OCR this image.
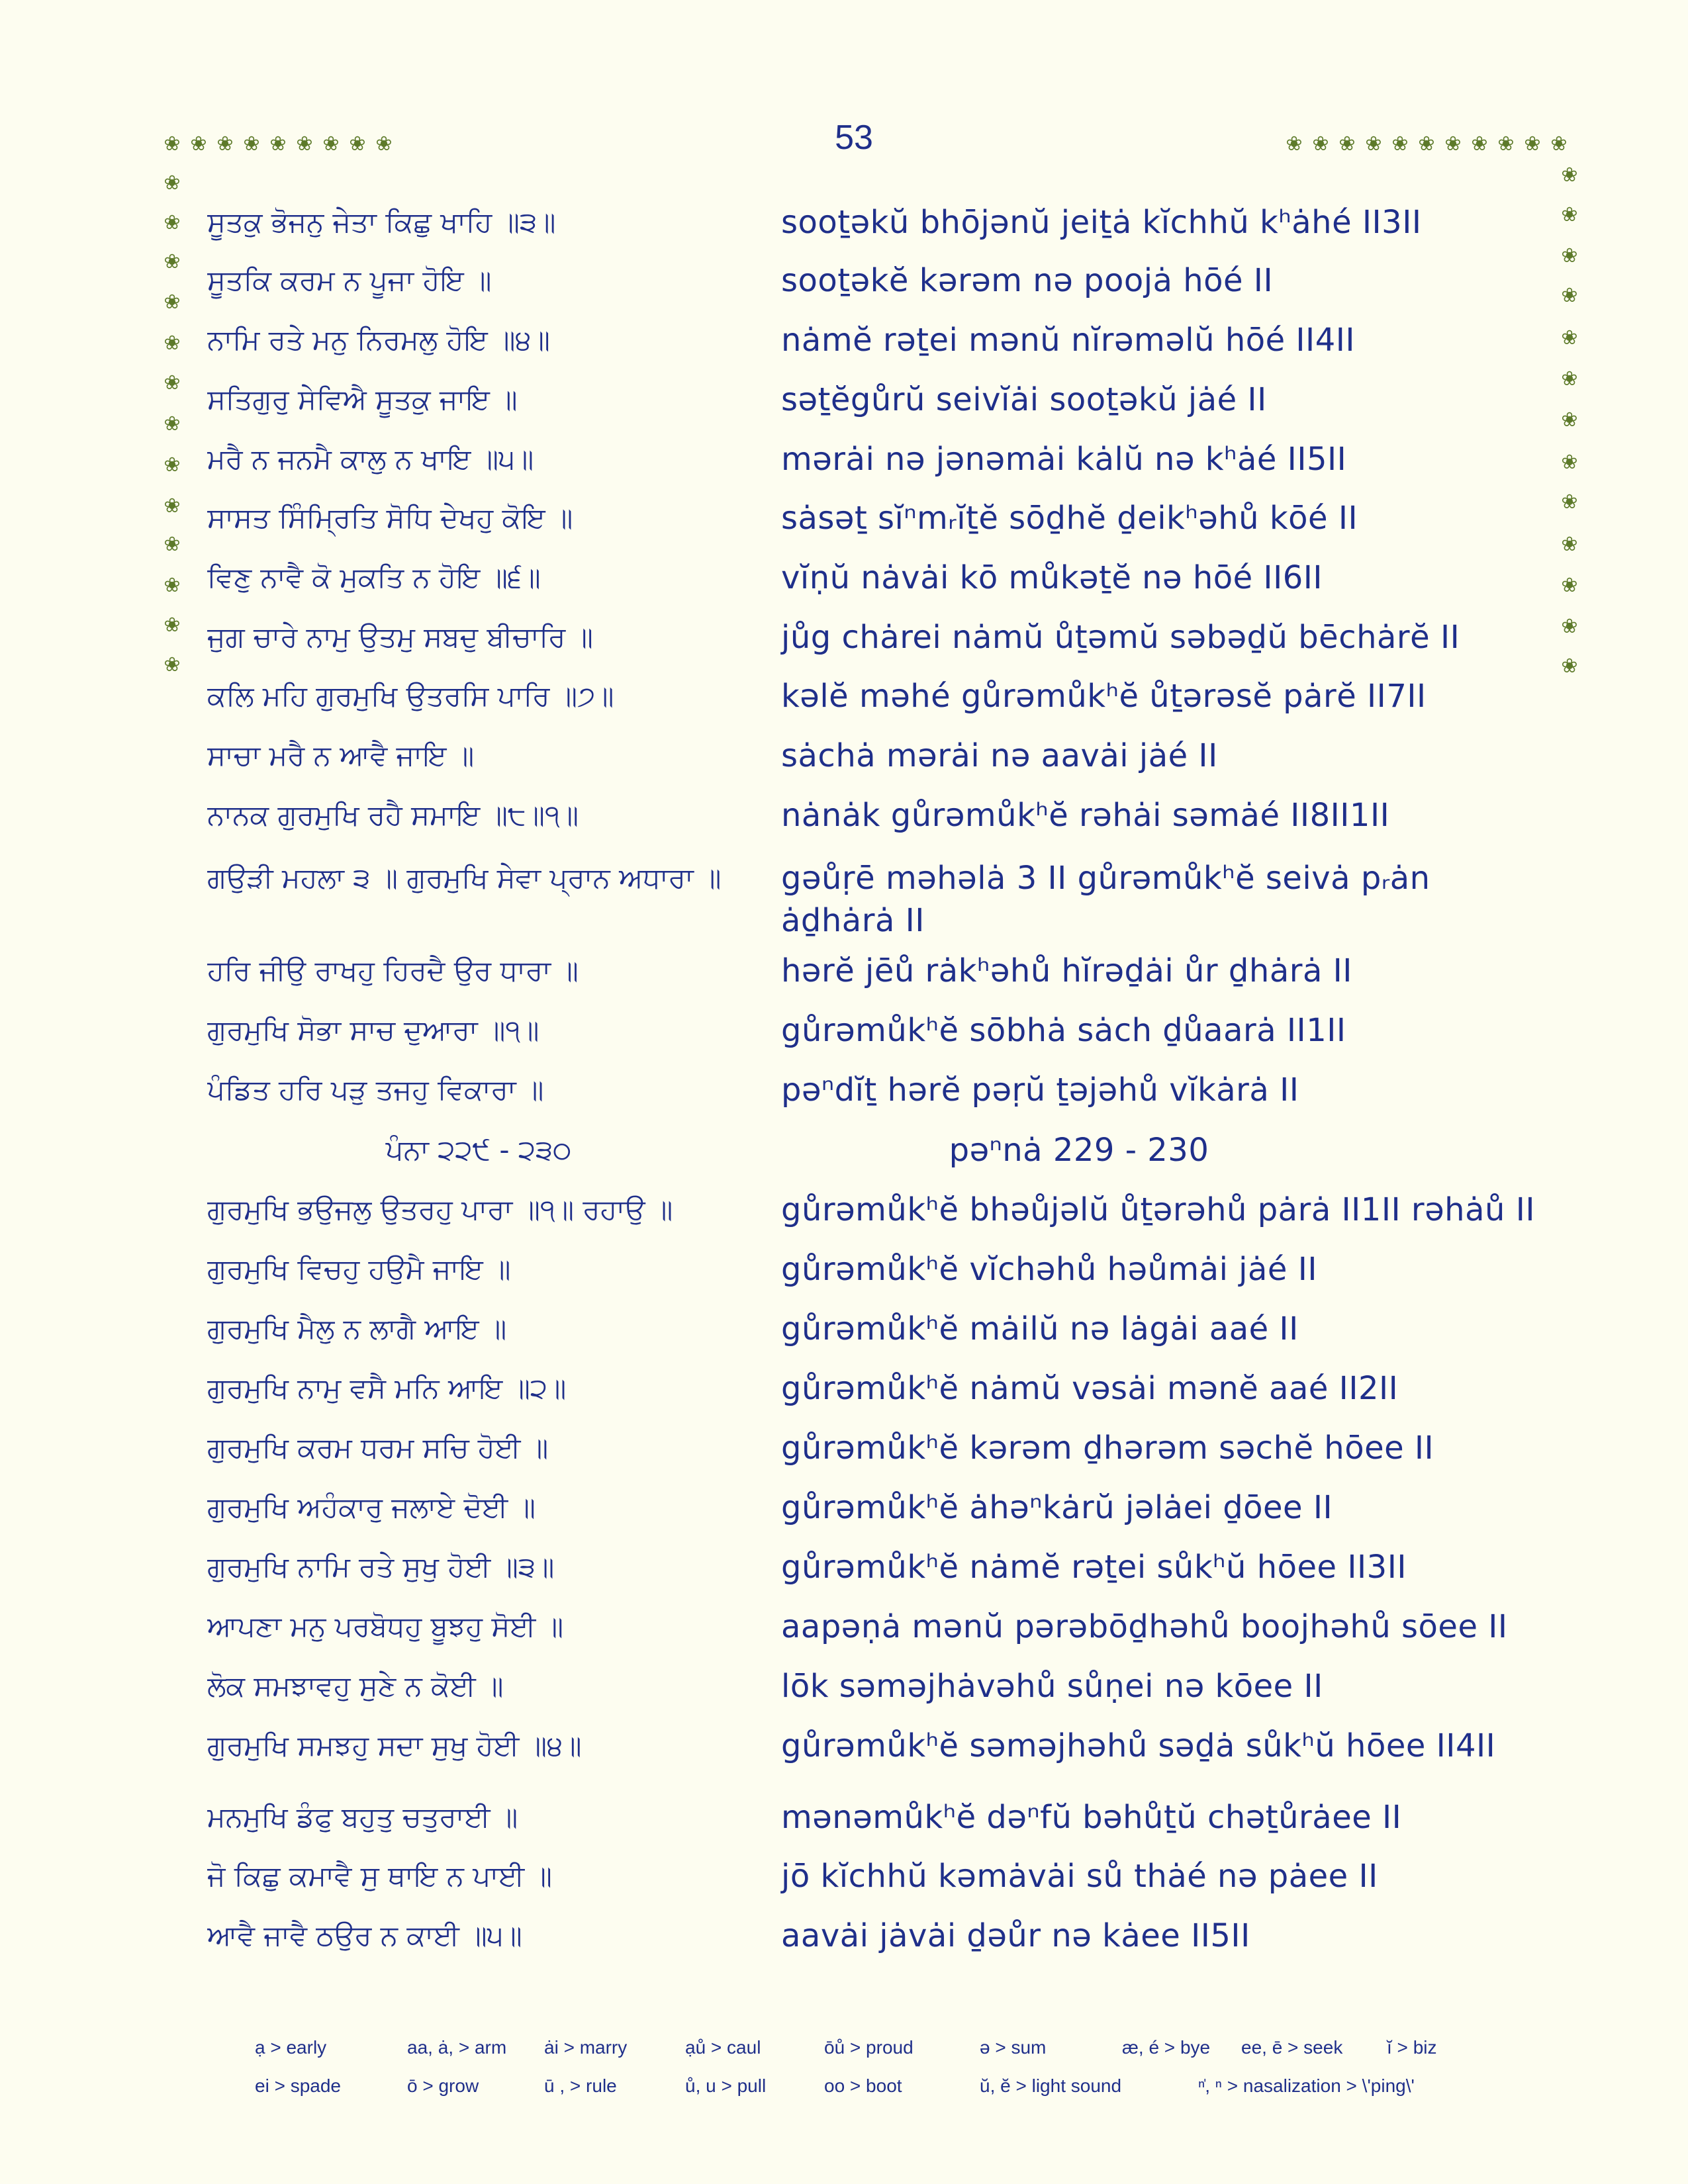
53
❀ ❀ ❀ ❀ ❀ ❀ ❀ ❀ ❀	❀ ❀ ❀ ❀ ❀ ❀ ❀ ❀ ❀ ❀ ❀
❀
❀
❀
❀
❀
❀
❀
❀
❀
❀
❀
❀
❀
❀
❀
❀
❀
❀
❀
❀
❀
❀
❀
❀
❀
❀
ਸੂਤਕੁ ਭੋਜਨੁ ਜੇਤਾ ਕਿਛੁ ਖਾਹਿ ॥੩॥	sooṯəkŭ bhōjənŭ jeiṯȧ kĭchhŭ kʰȧhé II3II
ਸੂਤਕਿ ਕਰਮ ਨ ਪੂਜਾ ਹੋਇ ॥	sooṯəkĕ kərəm nə poojȧ hōé II
ਨਾਮਿ ਰਤੇ ਮਨੁ ਨਿਰਮਲੁ ਹੋਇ ॥੪॥	nȧmĕ rəṯei mənŭ nĭrəməlŭ hōé II4II
ਸਤਿਗੁਰੁ ਸੇਵਿਐ ਸੂਤਕੁ ਜਾਇ ॥	səṯĕgůrŭ seivĭȧi sooṯəkŭ jȧé II
ਮਰੈ ਨ ਜਨਮੈ ਕਾਲੁ ਨ ਖਾਇ ॥੫॥	mərȧi nə jənəmȧi kȧlŭ nə kʰȧé II5II
ਸਾਸਤ ਸਿੰਮ੍ਰਿਤਿ ਸੋਧਿ ਦੇਖਹੁ ਕੋਇ ॥	sȧsəṯ sĭⁿmᵣĭṯĕ sōḏhĕ ḏeikʰəhů kōé II
ਵਿਣੁ ਨਾਵੈ ਕੋ ਮੁਕਤਿ ਨ ਹੋਇ ॥੬॥	vĭṇŭ nȧvȧi kō můkəṯĕ nə hōé II6II
ਜੁਗ ਚਾਰੇ ਨਾਮੁ ਉਤਮੁ ਸਬਦੁ ਬੀਚਾਰਿ ॥	jůg chȧrei nȧmŭ ůṯəmŭ səbəḏŭ bēchȧrĕ II
ਕਲਿ ਮਹਿ ਗੁਰਮੁਖਿ ਉਤਰਸਿ ਪਾਰਿ ॥੭॥	kəlĕ məhé gůrəmůkʰĕ ůṯərəsĕ pȧrĕ II7II
ਸਾਚਾ ਮਰੈ ਨ ਆਵੈ ਜਾਇ ॥	sȧchȧ mərȧi nə aavȧi jȧé II
ਨਾਨਕ ਗੁਰਮੁਖਿ ਰਹੈ ਸਮਾਇ ॥੮॥੧॥	nȧnȧk gůrəmůkʰĕ rəhȧi səmȧé II8II1II
ਗਉੜੀ ਮਹਲਾ ੩ ॥ ਗੁਰਮੁਖਿ ਸੇਵਾ ਪ੍ਰਾਨ ਅਧਾਰਾ ॥	gəůṛē məhəlȧ 3 II gůrəmůkʰĕ seivȧ pᵣȧn ȧḏhȧrȧ II
ਹਰਿ ਜੀਉ ਰਾਖਹੁ ਹਿਰਦੈ ਉਰ ਧਾਰਾ ॥	hərĕ jēů rȧkʰəhů hĭrəḏȧi ůr ḏhȧrȧ II
ਗੁਰਮੁਖਿ ਸੋਭਾ ਸਾਚ ਦੁਆਰਾ ॥੧॥	gůrəmůkʰĕ sōbhȧ sȧch ḏůaarȧ II1II
ਪੰਡਿਤ ਹਰਿ ਪੜੁ ਤਜਹੁ ਵਿਕਾਰਾ ॥	pəⁿdĭṯ hərĕ pəṛŭ ṯəjəhů vĭkȧrȧ II
ਪੰਨਾ ੨੨੯ - ੨੩੦	pəⁿnȧ 229 - 230
ਗੁਰਮੁਖਿ ਭਉਜਲੁ ਉਤਰਹੁ ਪਾਰਾ ॥੧॥ ਰਹਾਉ ॥	gůrəmůkʰĕ bhəůjəlŭ ůṯərəhů pȧrȧ II1II rəhȧů II
ਗੁਰਮੁਖਿ ਵਿਚਹੁ ਹਉਮੈ ਜਾਇ ॥	gůrəmůkʰĕ vĭchəhů həůmȧi jȧé II
ਗੁਰਮੁਖਿ ਮੈਲੁ ਨ ਲਾਗੈ ਆਇ ॥	gůrəmůkʰĕ mȧilŭ nə lȧgȧi aaé II
ਗੁਰਮੁਖਿ ਨਾਮੁ ਵਸੈ ਮਨਿ ਆਇ ॥੨॥	gůrəmůkʰĕ nȧmŭ vəsȧi mənĕ aaé II2II
ਗੁਰਮੁਖਿ ਕਰਮ ਧਰਮ ਸਚਿ ਹੋਈ ॥	gůrəmůkʰĕ kərəm ḏhərəm səchĕ hōee II
ਗੁਰਮੁਖਿ ਅਹੰਕਾਰੁ ਜਲਾਏ ਦੋਈ ॥	gůrəmůkʰĕ ȧhəⁿkȧrŭ jəlȧei ḏōee II
ਗੁਰਮੁਖਿ ਨਾਮਿ ਰਤੇ ਸੁਖੁ ਹੋਈ ॥੩॥	gůrəmůkʰĕ nȧmĕ rəṯei sůkʰŭ hōee II3II
ਆਪਣਾ ਮਨੁ ਪਰਬੋਧਹੁ ਬੂਝਹੁ ਸੋਈ ॥	aapəṇȧ mənŭ pərəbōḏhəhů boojhəhů sōee II
ਲੋਕ ਸਮਝਾਵਹੁ ਸੁਣੇ ਨ ਕੋਈ ॥	lōk səməjhȧvəhů sůṇei nə kōee II
ਗੁਰਮੁਖਿ ਸਮਝਹੁ ਸਦਾ ਸੁਖੁ ਹੋਈ ॥੪॥	gůrəmůkʰĕ səməjhəhů səḏȧ sůkʰŭ hōee II4II
ਮਨਮੁਖਿ ਡੰਫੁ ਬਹੁਤੁ ਚਤੁਰਾਈ ॥	mənəmůkʰĕ dəⁿfŭ bəhůṯŭ chəṯůrȧee II
ਜੋ ਕਿਛੁ ਕਮਾਵੈ ਸੁ ਥਾਇ ਨ ਪਾਈ ॥	jō kĭchhŭ kəmȧvȧi sů thȧé nə pȧee II
ਆਵੈ ਜਾਵੈ ਠਉਰ ਨ ਕਾਈ ॥੫॥	aavȧi jȧvȧi ḏəůr nə kȧee II5II
ạ > early	aa, ȧ, > arm ȧi > marry	ạů > caul	ōů > proud	ə > sum	æ, é > bye ee, ē > seek ĭ > biz
ei > spade	ō > grow	ū , > rule	ů, u > pull	oo > boot	ŭ, ĕ > light sound	ⁿ̍, ⁿ > nasalization > \'ping\'
